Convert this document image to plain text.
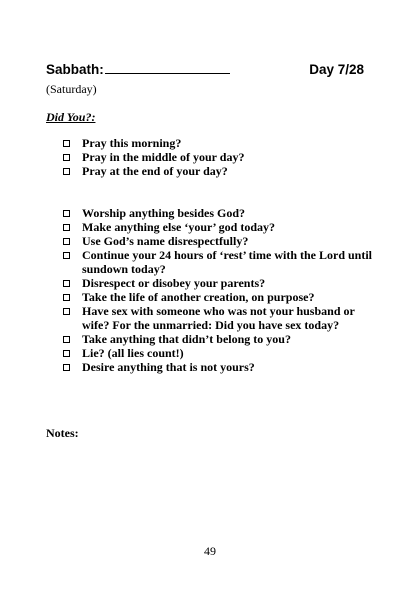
Sabbath:	Day 7/28
(Saturday)
Did You?:
Pray this morning?
Pray in the middle of your day?
Pray at the end of your day?
Worship anything besides God?
Make anything else ‘your’ god today?
Use God’s name disrespectfully?
Continue your 24 hours of ‘rest’ time with the Lord until sundown today?
Disrespect or disobey your parents?
Take the life of another creation, on purpose?
Have sex with someone who was not your husband or wife? For the unmarried: Did you have sex today?
Take anything that didn’t belong to you?
Lie? (all lies count!)
Desire anything that is not yours?
Notes:
49
